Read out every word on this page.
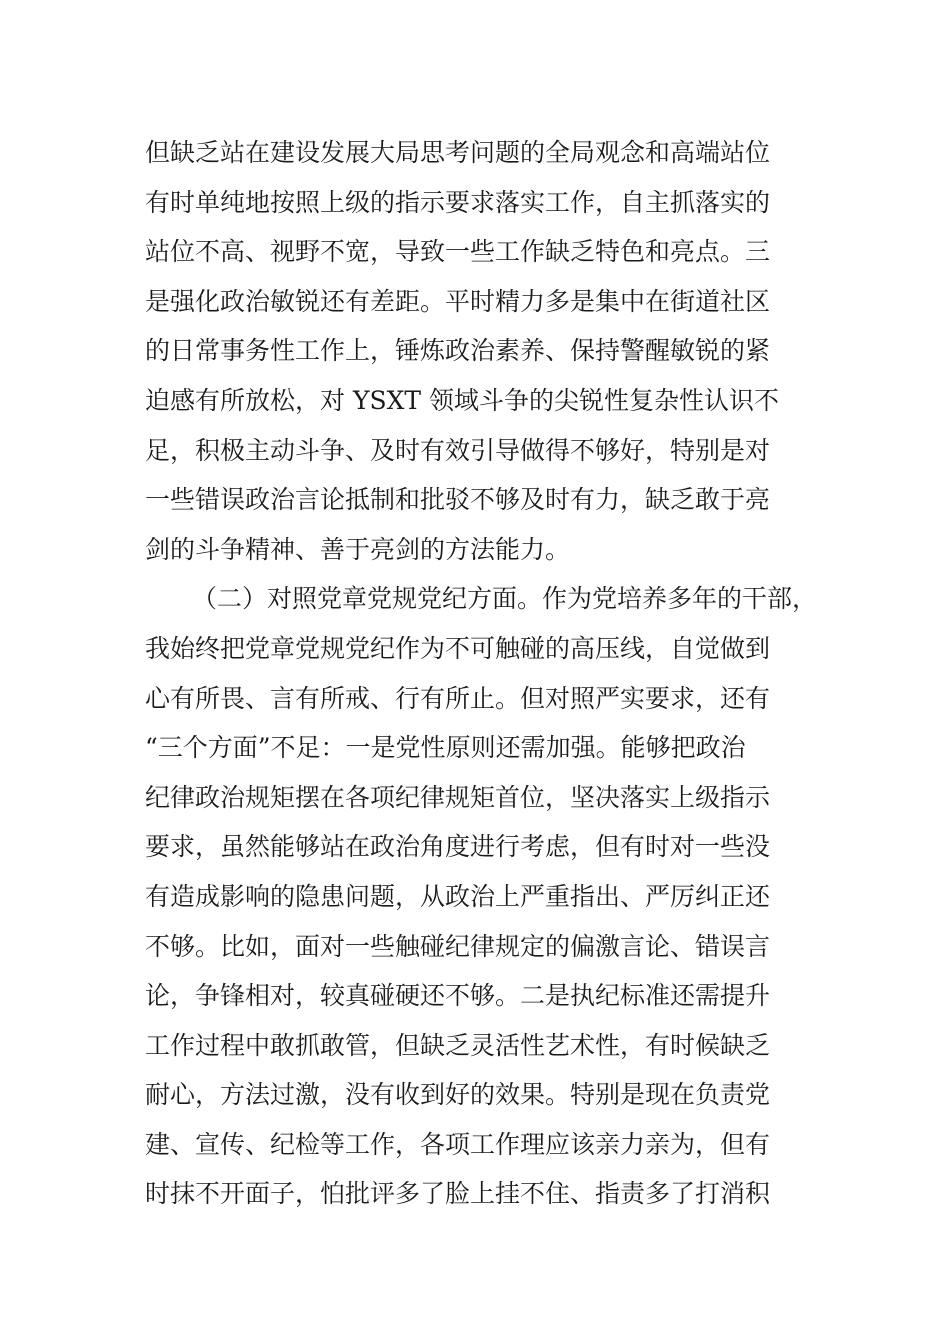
但缺乏站在建设发展大局思考问题的全局观念和高端站位
有时单纯地按照上级的指示要求落实工作，自主抓落实的
站位不高、视野不宽，导致一些工作缺乏特色和亮点。三
是强化政治敏锐还有差距。平时精力多是集中在街道社区
的日常事务性工作上，锤炼政治素养、保持警醒敏锐的紧
迫感有所放松，对 YSXT 领域斗争的尖锐性复杂性认识不
足，积极主动斗争、及时有效引导做得不够好，特别是对
一些错误政治言论抵制和批驳不够及时有力，缺乏敢于亮
剑的斗争精神、善于亮剑的方法能力。
（二）对照党章党规党纪方面。作为党培养多年的干部，
我始终把党章党规党纪作为不可触碰的高压线，自觉做到
心有所畏、言有所戒、行有所止。但对照严实要求，还有
“三个方面”不足：一是党性原则还需加强。能够把政治
纪律政治规矩摆在各项纪律规矩首位，坚决落实上级指示
要求，虽然能够站在政治角度进行考虑，但有时对一些没
有造成影响的隐患问题，从政治上严重指出、严厉纠正还
不够。比如，面对一些触碰纪律规定的偏激言论、错误言
论，争锋相对，较真碰硬还不够。二是执纪标准还需提升
工作过程中敢抓敢管，但缺乏灵活性艺术性，有时候缺乏
耐心，方法过激，没有收到好的效果。特别是现在负责党
建、宣传、纪检等工作，各项工作理应该亲力亲为，但有
时抹不开面子，怕批评多了脸上挂不住、指责多了打消积
